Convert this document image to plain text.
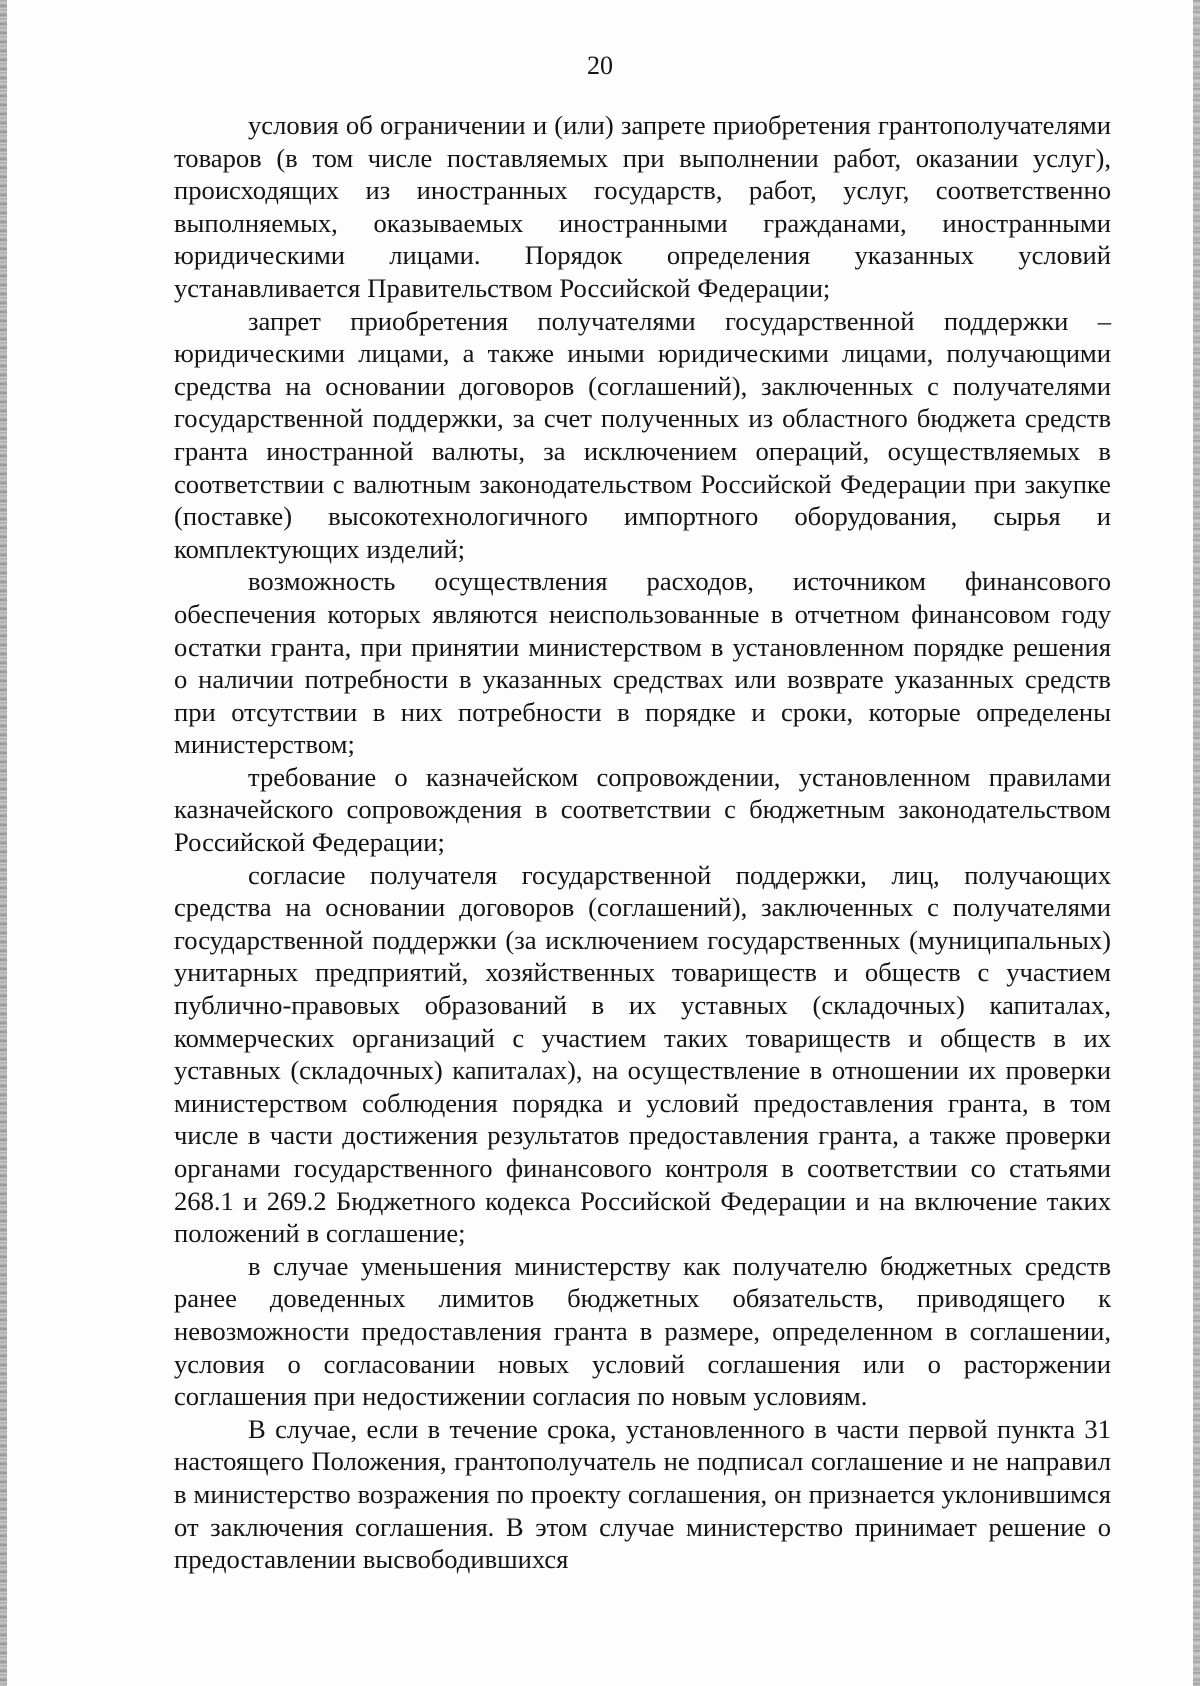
20

условия об ограничении и (или) запрете приобретения грантополучателями товаров (в том числе поставляемых при выполнении работ, оказании услуг), происходящих из иностранных государств, работ, услуг, соответственно выполняемых, оказываемых иностранными гражданами, иностранными юридическими лицами. Порядок определения указанных условий устанавливается Правительством Российской Федерации;

запрет приобретения получателями государственной поддержки – юридическими лицами, а также иными юридическими лицами, получающими средства на основании договоров (соглашений), заключенных с получателями государственной поддержки, за счет полученных из областного бюджета средств гранта иностранной валюты, за исключением операций, осуществляемых в соответствии с валютным законодательством Российской Федерации при закупке (поставке) высокотехнологичного импортного оборудования, сырья и комплектующих изделий;

возможность осуществления расходов, источником финансового обеспечения которых являются неиспользованные в отчетном финансовом году остатки гранта, при принятии министерством в установленном порядке решения о наличии потребности в указанных средствах или возврате указанных средств при отсутствии в них потребности в порядке и сроки, которые определены министерством;

требование о казначейском сопровождении, установленном правилами казначейского сопровождения в соответствии с бюджетным законодательством Российской Федерации;

согласие получателя государственной поддержки, лиц, получающих средства на основании договоров (соглашений), заключенных с получателями государственной поддержки (за исключением государственных (муниципальных) унитарных предприятий, хозяйственных товариществ и обществ с участием публично-правовых образований в их уставных (складочных) капиталах, коммерческих организаций с участием таких товариществ и обществ в их уставных (складочных) капиталах), на осуществление в отношении их проверки министерством соблюдения порядка и условий предоставления гранта, в том числе в части достижения результатов предоставления гранта, а также проверки органами государственного финансового контроля в соответствии со статьями 268.1 и 269.2 Бюджетного кодекса Российской Федерации и на включение таких положений в соглашение;

в случае уменьшения министерству как получателю бюджетных средств ранее доведенных лимитов бюджетных обязательств, приводящего к невозможности предоставления гранта в размере, определенном в соглашении, условия о согласовании новых условий соглашения или о расторжении соглашения при недостижении согласия по новым условиям.

В случае, если в течение срока, установленного в части первой пункта 31 настоящего Положения, грантополучатель не подписал соглашение и не направил в министерство возражения по проекту соглашения, он признается уклонившимся от заключения соглашения. В этом случае министерство принимает решение о предоставлении высвободившихся
